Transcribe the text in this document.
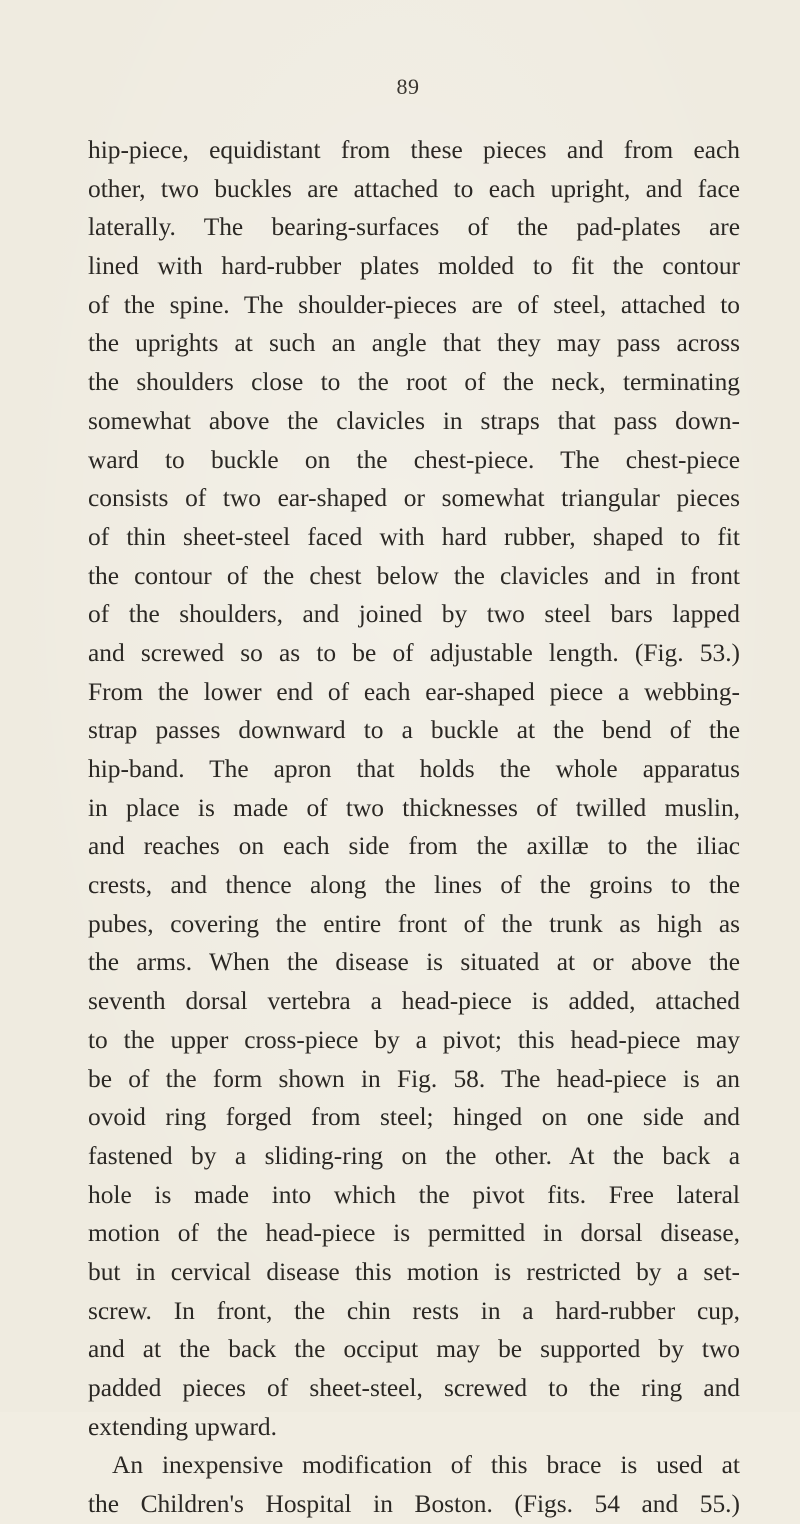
89
hip-piece, equidistant from these pieces and from each
other, two buckles are attached to each upright, and face
laterally. The bearing-surfaces of the pad-plates are
lined with hard-rubber plates molded to fit the contour
of the spine. The shoulder-pieces are of steel, attached to
the uprights at such an angle that they may pass across
the shoulders close to the root of the neck, terminating
somewhat above the clavicles in straps that pass down-
ward to buckle on the chest-piece. The chest-piece
consists of two ear-shaped or somewhat triangular pieces
of thin sheet-steel faced with hard rubber, shaped to fit
the contour of the chest below the clavicles and in front
of the shoulders, and joined by two steel bars lapped
and screwed so as to be of adjustable length. (Fig. 53.)
From the lower end of each ear-shaped piece a webbing-
strap passes downward to a buckle at the bend of the
hip-band. The apron that holds the whole apparatus
in place is made of two thicknesses of twilled muslin,
and reaches on each side from the axillæ to the iliac
crests, and thence along the lines of the groins to the
pubes, covering the entire front of the trunk as high as
the arms. When the disease is situated at or above the
seventh dorsal vertebra a head-piece is added, attached
to the upper cross-piece by a pivot; this head-piece may
be of the form shown in Fig. 58. The head-piece is an
ovoid ring forged from steel; hinged on one side and
fastened by a sliding-ring on the other. At the back a
hole is made into which the pivot fits. Free lateral
motion of the head-piece is permitted in dorsal disease,
but in cervical disease this motion is restricted by a set-
screw. In front, the chin rests in a hard-rubber cup,
and at the back the occiput may be supported by two
padded pieces of sheet-steel, screwed to the ring and
extending upward.
An inexpensive modification of this brace is used at
the Children's Hospital in Boston. (Figs. 54 and 55.)
